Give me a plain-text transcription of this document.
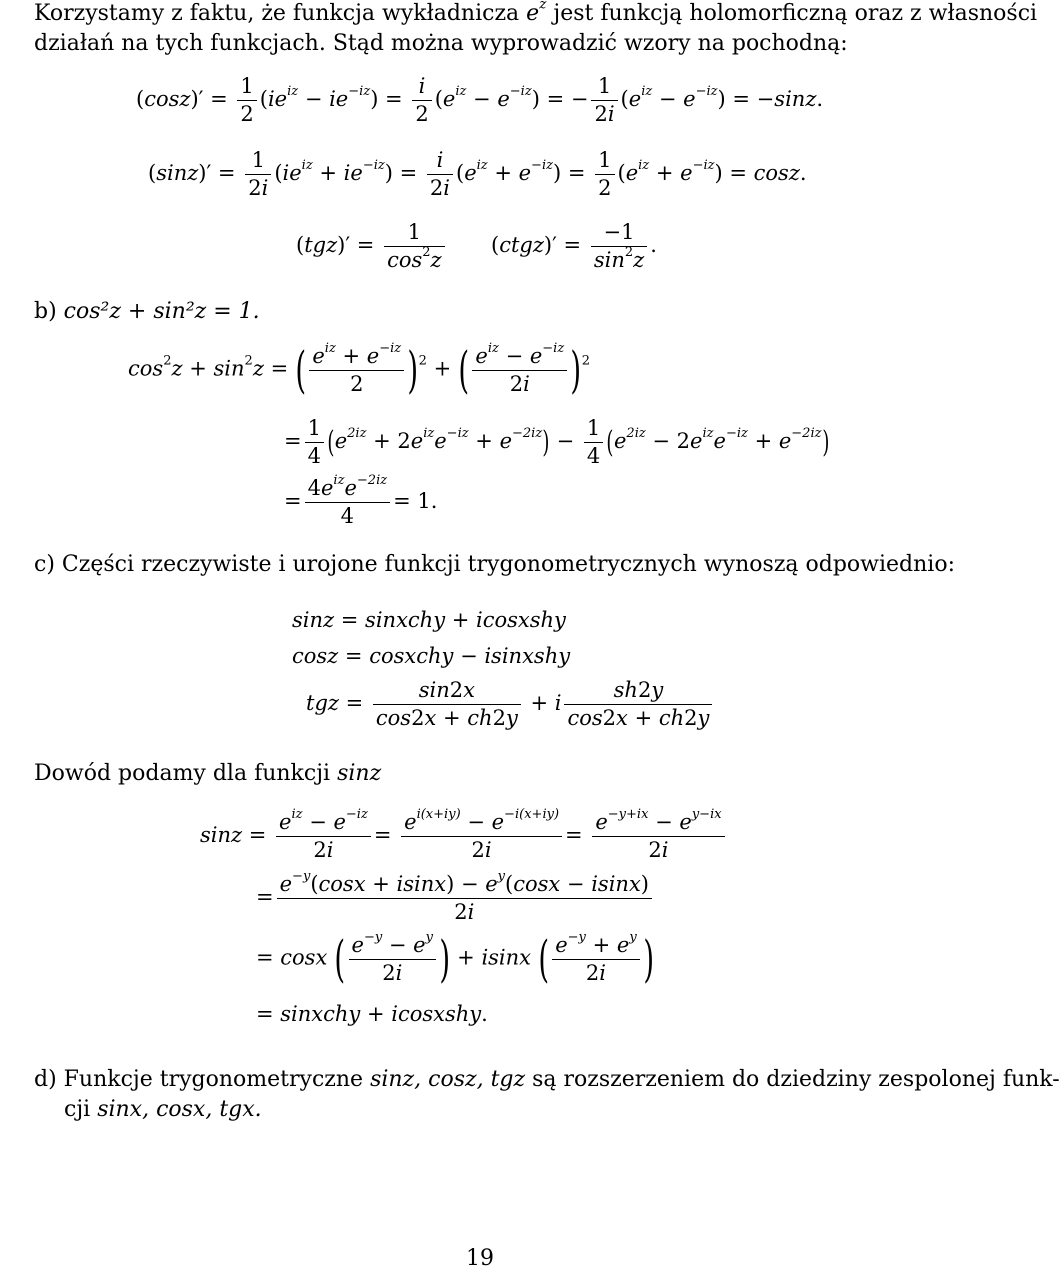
Korzystamy z faktu, że funkcja wykładnicza $e^z$ jest funkcją holomorficzną oraz z własności
działań na tych funkcjach. Stąd można wyprowadzić wzory na pochodną:
$(\cos z)' = \frac{1}{2} (ie^{iz} - ie^{-iz}) = \frac{i}{2} (e^{iz} - e^{-iz})$ = − $\frac{1}{2i} (e^{iz} - e^{-iz}) = -\sin z$.
$(\sin z)' = \frac{1}{2i} (ie^{iz} + ie^{-iz}) = \frac{i}{2i} (e^{iz} + e^{-iz}) = \frac{1}{2} (e^{iz} + e^{-iz}) = \cos z$.
$(tgz)' = \frac{1}{\cos^2z}$ (ctgz)′ = $\frac{-1}{\sin^2z}$ .
b) cos²z + sin²z = 1.
$\cos^2z + \sin^2z$ = ( $e^{iz} + e^{-iz}$
2 )$^2$ + ( $e^{iz} - e^{-iz}$
2i )$^2$
= $\frac{1}{4} (e^{2iz} + 2e^{iz}e^{-iz} + e^{-2iz}) - \frac{1}{4} (e^{2iz} - 2e^{iz}e^{-iz} + e^{-2iz})$
=
$4e^{iz}e^{-2iz}$
4
= 1.
c) Części rzeczywiste i urojone funkcji trygonometrycznych wynoszą odpowiednio:
sinz = sinxchy + icosxshy
cosz = cosxchy − isinxshy
tgz = $\frac{\sin 2x}{\cos 2x + ch2y} + i \frac{sh2y}{\cos 2x + ch2y}$
Dowód podamy dla funkcji sinz
sinz =
$e^{iz} - e^{-iz}$
2i
= $\frac{e^{i(x+iy)} - e^{-i(x+iy)}}{2i} = \frac{e^{-y+ix} - e^{y-ix}}{2i}$
= $\frac{e^{-y}(\cos x + isinx) - e^y(\cos x - isinx)}{2i}$
= cosx ( $\frac{e^{-y} - e^y}{2i}$ ) + isinx ( $\frac{e^{-y} + e^y}{2i}$ )
= sinxchy + icosxshy.
d) Funkcje trygonometryczne sinz, cosz, tgz są rozszerzeniem do dziedziny zespolonej funk-
cji sinx, cosx, tgx.
19
